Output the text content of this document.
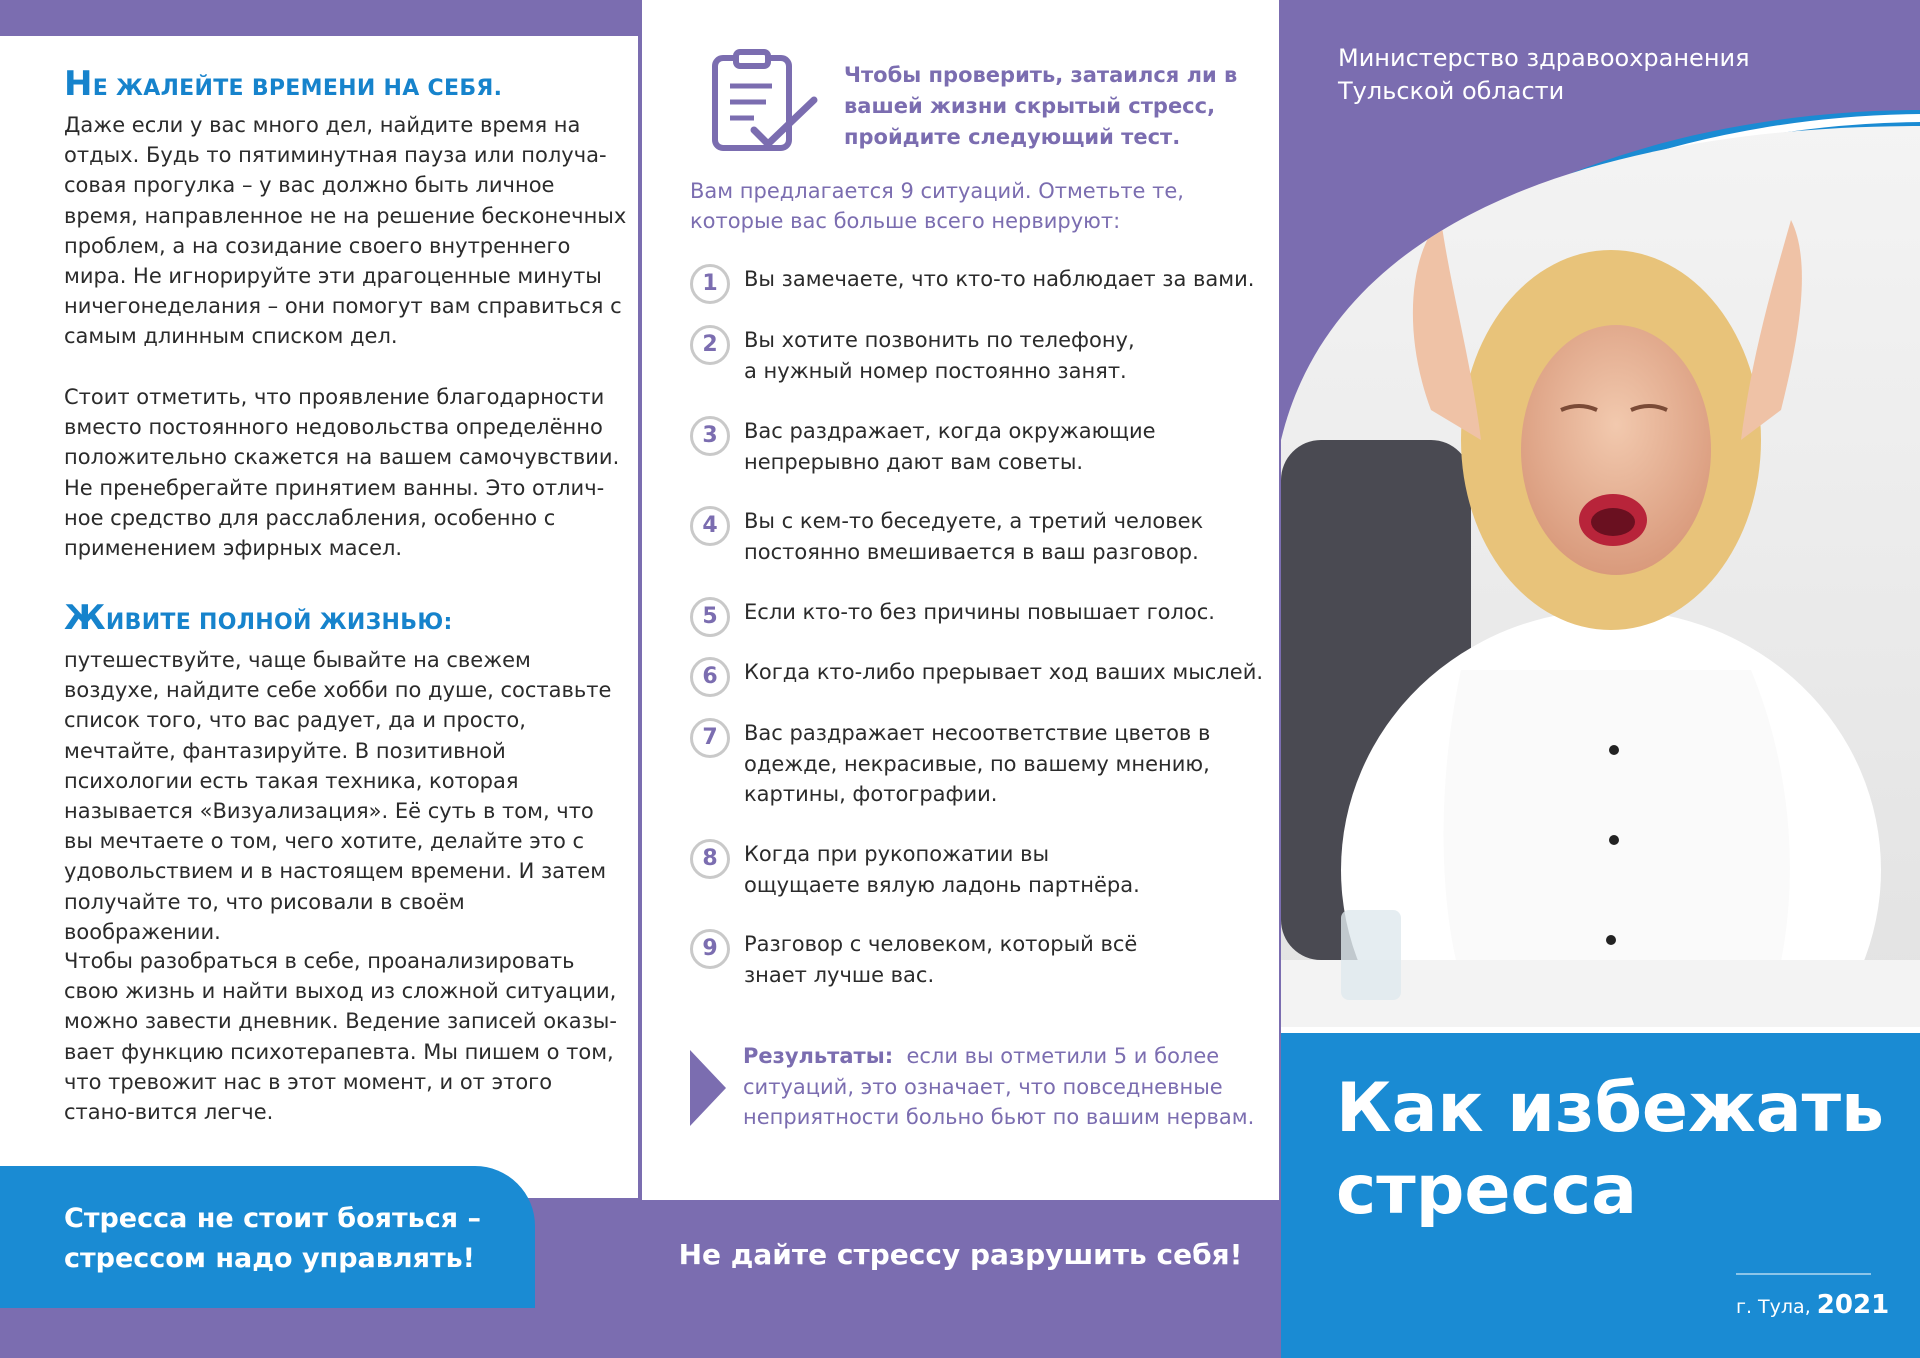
НЕ ЖАЛЕЙТЕ ВРЕМЕНИ НА СЕБЯ.
Даже если у вас много дел, найдите время на отдых. Будь то пятиминутная пауза или получа-совая прогулка – у вас должно быть личное время, направленное не на решение бесконечных проблем, а на созидание своего внутреннего мира. Не игнорируйте эти драгоценные минуты ничегонеделания – они помогут вам справиться с самым длинным списком дел.
Стоит отметить, что проявление благодарности вместо постоянного недовольства определённо положительно скажется на вашем самочувствии. Не пренебрегайте принятием ванны. Это отлич-ное средство для расслабления, особенно с применением эфирных масел.
ЖИВИТЕ ПОЛНОЙ ЖИЗНЬЮ:
путешествуйте, чаще бывайте на свежем воздухе, найдите себе хобби по душе, составьте список того, что вас радует, да и просто, мечтайте, фантазируйте. В позитивной психологии есть такая техника, которая называется «Визуализация». Её суть в том, что вы мечтаете о том, чего хотите, делайте это с удовольствием и в настоящем времени. И затем получайте то, что рисовали в своём воображении.
Чтобы разобраться в себе, проанализировать свою жизнь и найти выход из сложной ситуации, можно завести дневник. Ведение записей оказы-вает функцию психотерапевта. Мы пишем о том, что тревожит нас в этот момент, и от этого стано-вится легче.
Стресса не стоит бояться –
стрессом надо управлять!
Чтобы проверить, затаился ли в вашей жизни скрытый стресс, пройдите следующий тест.
Вам предлагается 9 ситуаций. Отметьте те, которые вас больше всего нервируют:
1	Вы замечаете, что кто-то наблюдает за вами.
2	Вы хотите позвонить по телефону, а нужный номер постоянно занят.
3	Вас раздражает, когда окружающие непрерывно дают вам советы.
4	Вы с кем-то беседуете, а третий человек постоянно вмешивается в ваш разговор.
5	Если кто-то без причины повышает голос.
6	Когда кто-либо прерывает ход ваших мыслей.
7	Вас раздражает несоответствие цветов в одежде, некрасивые, по вашему мнению, картины, фотографии.
8	Когда при рукопожатии вы ощущаете вялую ладонь партнёра.
9	Разговор с человеком, который всё знает лучше вас.
Результаты: если вы отметили 5 и более ситуаций, это означает, что повседневные неприятности больно бьют по вашим нервам.
Не дайте стрессу разрушить себя!
Министерство здравоохранения
Тульской области
Как избежать
стресса
г. Тула, 2021
